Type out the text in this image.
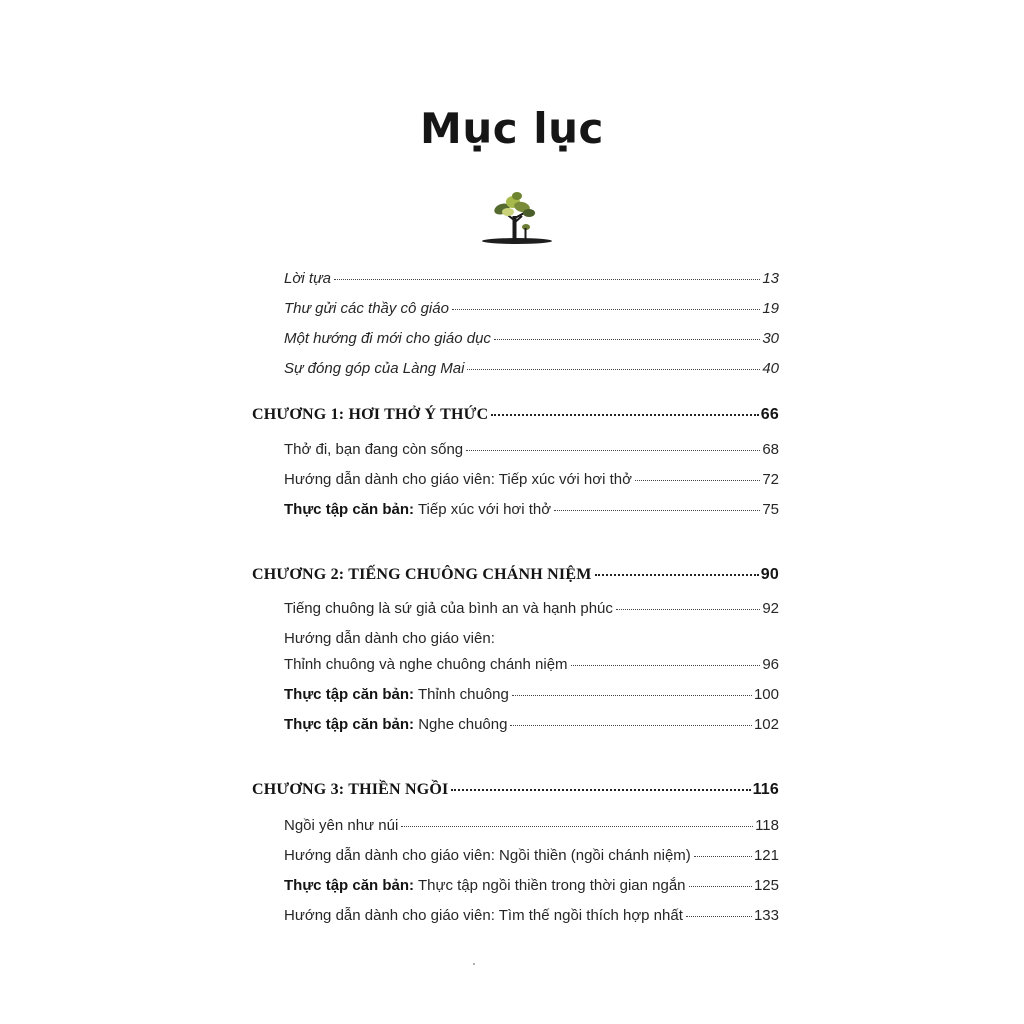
Mục lục
Lời tựa	13
Thư gửi các thầy cô giáo	19
Một hướng đi mới cho giáo dục	30
Sự đóng góp của Làng Mai	40
CHƯƠNG 1: HƠI THỞ Ý THỨC	66
Thở đi, bạn đang còn sống	68
Hướng dẫn dành cho giáo viên: Tiếp xúc với hơi thở	72
Thực tập căn bản: Tiếp xúc với hơi thở	75
CHƯƠNG 2: TIẾNG CHUÔNG CHÁNH NIỆM	90
Tiếng chuông là sứ giả của bình an và hạnh phúc	92
Hướng dẫn dành cho giáo viên:
Thỉnh chuông và nghe chuông chánh niệm	96
Thực tập căn bản: Thỉnh chuông	100
Thực tập căn bản: Nghe chuông	102
CHƯƠNG 3: THIỀN NGỒI	116
Ngồi yên như núi	118
Hướng dẫn dành cho giáo viên: Ngồi thiền (ngồi chánh niệm)	121
Thực tập căn bản: Thực tập ngồi thiền trong thời gian ngắn	125
Hướng dẫn dành cho giáo viên: Tìm thế ngồi thích hợp nhất	133
